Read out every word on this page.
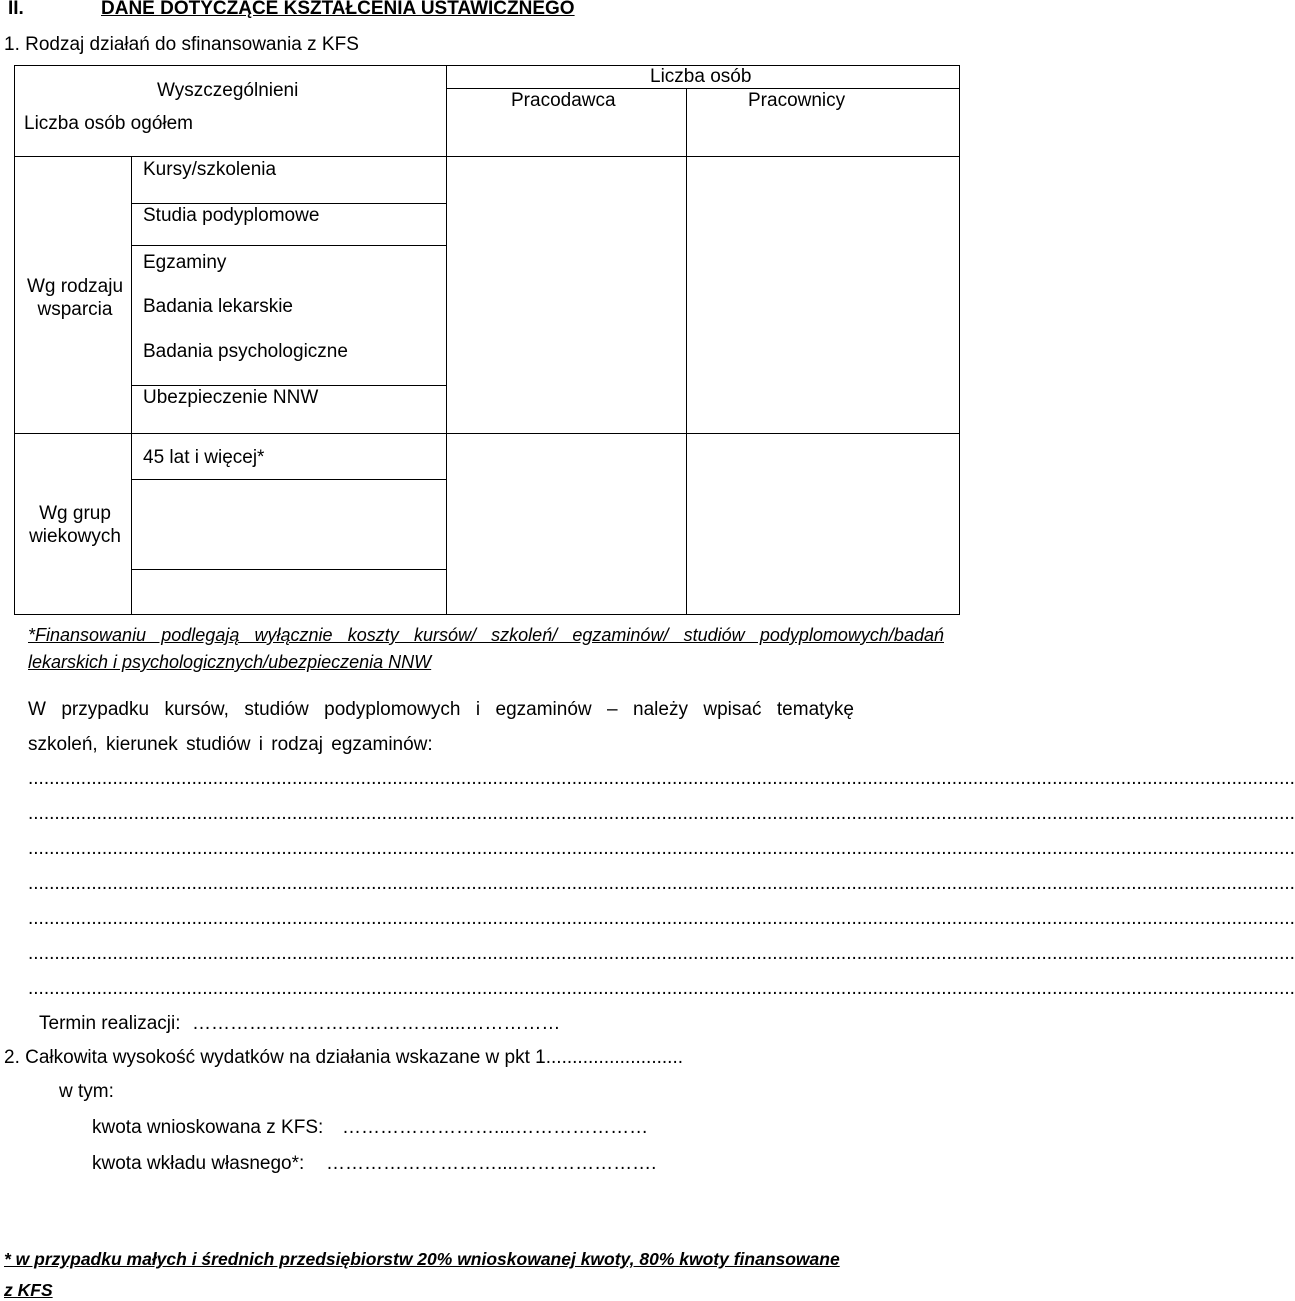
II.	DANE DOTYCZĄCE KSZTAŁCENIA USTAWICZNEGO
1. Rodzaj działań do sfinansowania z KFS
Wyszczególnieni
Liczba osób ogółem
Liczba osób
Pracodawca	Pracownicy
Wg rodzaju wsparcia
Kursy/szkolenia
Studia podyplomowe
Egzaminy
Badania lekarskie
Badania psychologiczne
Ubezpieczenie NNW
Wg grup wiekowych
45 lat i więcej*
*Finansowaniu podlegają wyłącznie koszty kursów/ szkoleń/ egzaminów/ studiów podyplomowych/badań lekarskich i psychologicznych/ubezpieczenia NNW
W przypadku kursów, studiów podyplomowych i egzaminów – należy wpisać tematykę
szkoleń, kierunek studiów i rodzaj egzaminów:
................................................................................................................................................................................................................................................
................................................................................................................................................................................................................................................
................................................................................................................................................................................................................................................
................................................................................................................................................................................................................................................
................................................................................................................................................................................................................................................
................................................................................................................................................................................................................................................
................................................................................................................................................................................................................................................
Termin realizacji: ………………………………….....……………
2. Całkowita wysokość wydatków na działania wskazane w pkt 1..........................
w tym:
kwota wnioskowana z KFS: ……………………....…………………
kwota wkładu własnego*: ………………………....………………….
* w przypadku małych i średnich przedsiębiorstw 20% wnioskowanej kwoty, 80% kwoty finansowane
z KFS
